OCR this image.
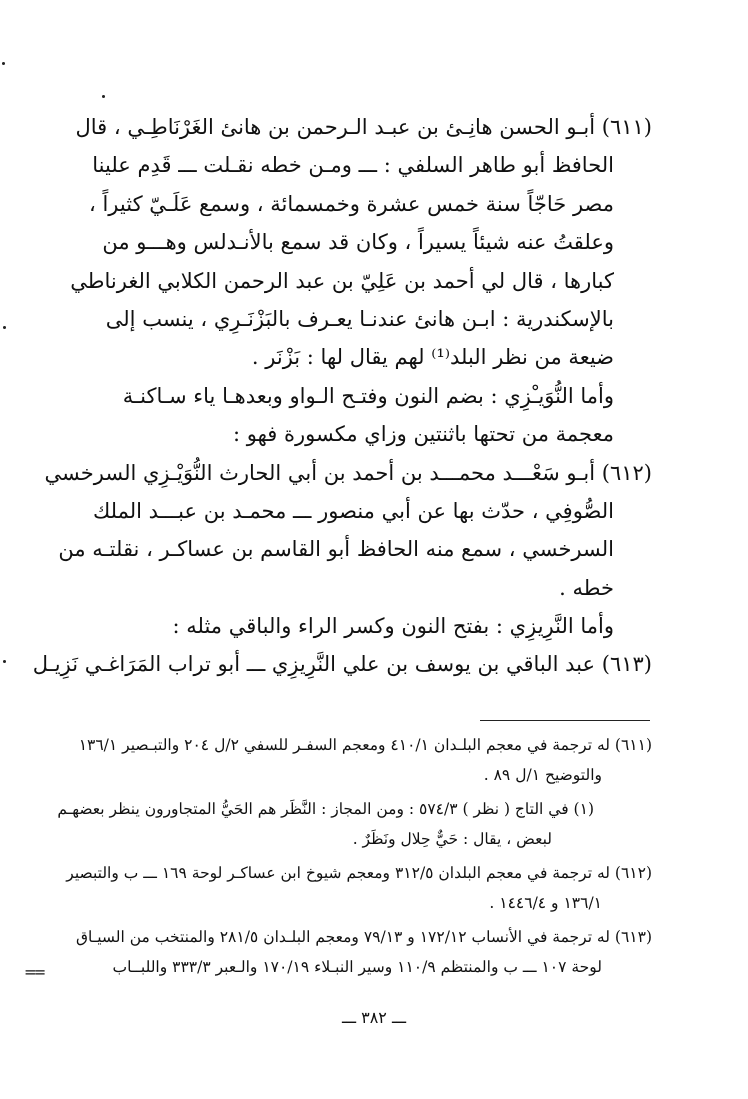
(٦١١) أبـو الحسن هانِـئ بن عبـد الـرحمن بن هانئ الغَرْنَاطِـي ، قال
الحافظ أبو طاهر السلفي : ـــ ومـن خطه نقـلت ـــ قَدِم علينا
مصر حَاجّاً سنة خمس عشرة وخمسمائة ، وسمع عَلَـيّ كثيراً ،
وعلقتُ عنه شيئاً يسيراً ، وكان قد سمع بالأنـدلس وهـــو من
كبارها ، قال لي أحمد بن عَلِيّ بن عبد الرحمن الكلابي الغرناطي
بالإسكندرية : ابـن هانئ عندنـا يعـرف بالبَزْنَـرِي ، ينسب إلى
ضيعة من نظر البلد⁽¹⁾ لهم يقال لها : بَزْنَر .
وأما النُّوَيـْزِي : بضم النون وفتـح الـواو وبعدهـا ياء سـاكنـة
معجمة من تحتها باثنتين وزاي مكسورة فهو :
(٦١٢) أبـو سَعْـــد محمـــد بن أحمد بن أبي الحارث النُّوَيْـزِي السرخسي
الصُّوفِي ، حدّث بها عن أبي منصور ـــ محمـد بن عبـــد الملك
السرخسي ، سمع منه الحافظ أبو القاسم بن عساكـر ، نقلتـه من
خطه .
وأما النَّرِيزِي : بفتح النون وكسر الراء والباقي مثله :
(٦١٣) عبد الباقي بن يوسف بن علي النَّرِيزِي ـــ أبو تراب المَرَاغـي نَزِيـل
(٦١١) له ترجمة في معجم البلـدان ٤١٠/١ ومعجم السفـر للسفي ٢/ل ٢٠٤ والتبـصير ١٣٦/١
والتوضيح ١/ل ٨٩ .
(١) في التاج ( نظر ) ٥٧٤/٣ : ومن المجاز : النَّظَر هم الحَيُّ المتجاورون ينظر بعضهـم
لبعض ، يقال : حَيٌّ حِلال ونَظَرٌ .
(٦١٢) له ترجمة في معجم البلدان ٣١٢/٥ ومعجم شيوخ ابن عساكـر لوحة ١٦٩ ـــ ب والتبصير
١٣٦/١ و ١٤٤٦/٤ .
(٦١٣) له ترجمة في الأنساب ١٧٢/١٢ و ٧٩/١٣ ومعجم البلـدان ٢٨١/٥ والمنتخب من السيـاق
لوحة ١٠٧ ـــ ب والمنتظم ١١٠/٩ وسير النبـلاء ١٧٠/١٩ والـعبر ٣٣٣/٣ واللبــاب
==
ـــ ٣٨٢ ـــ
